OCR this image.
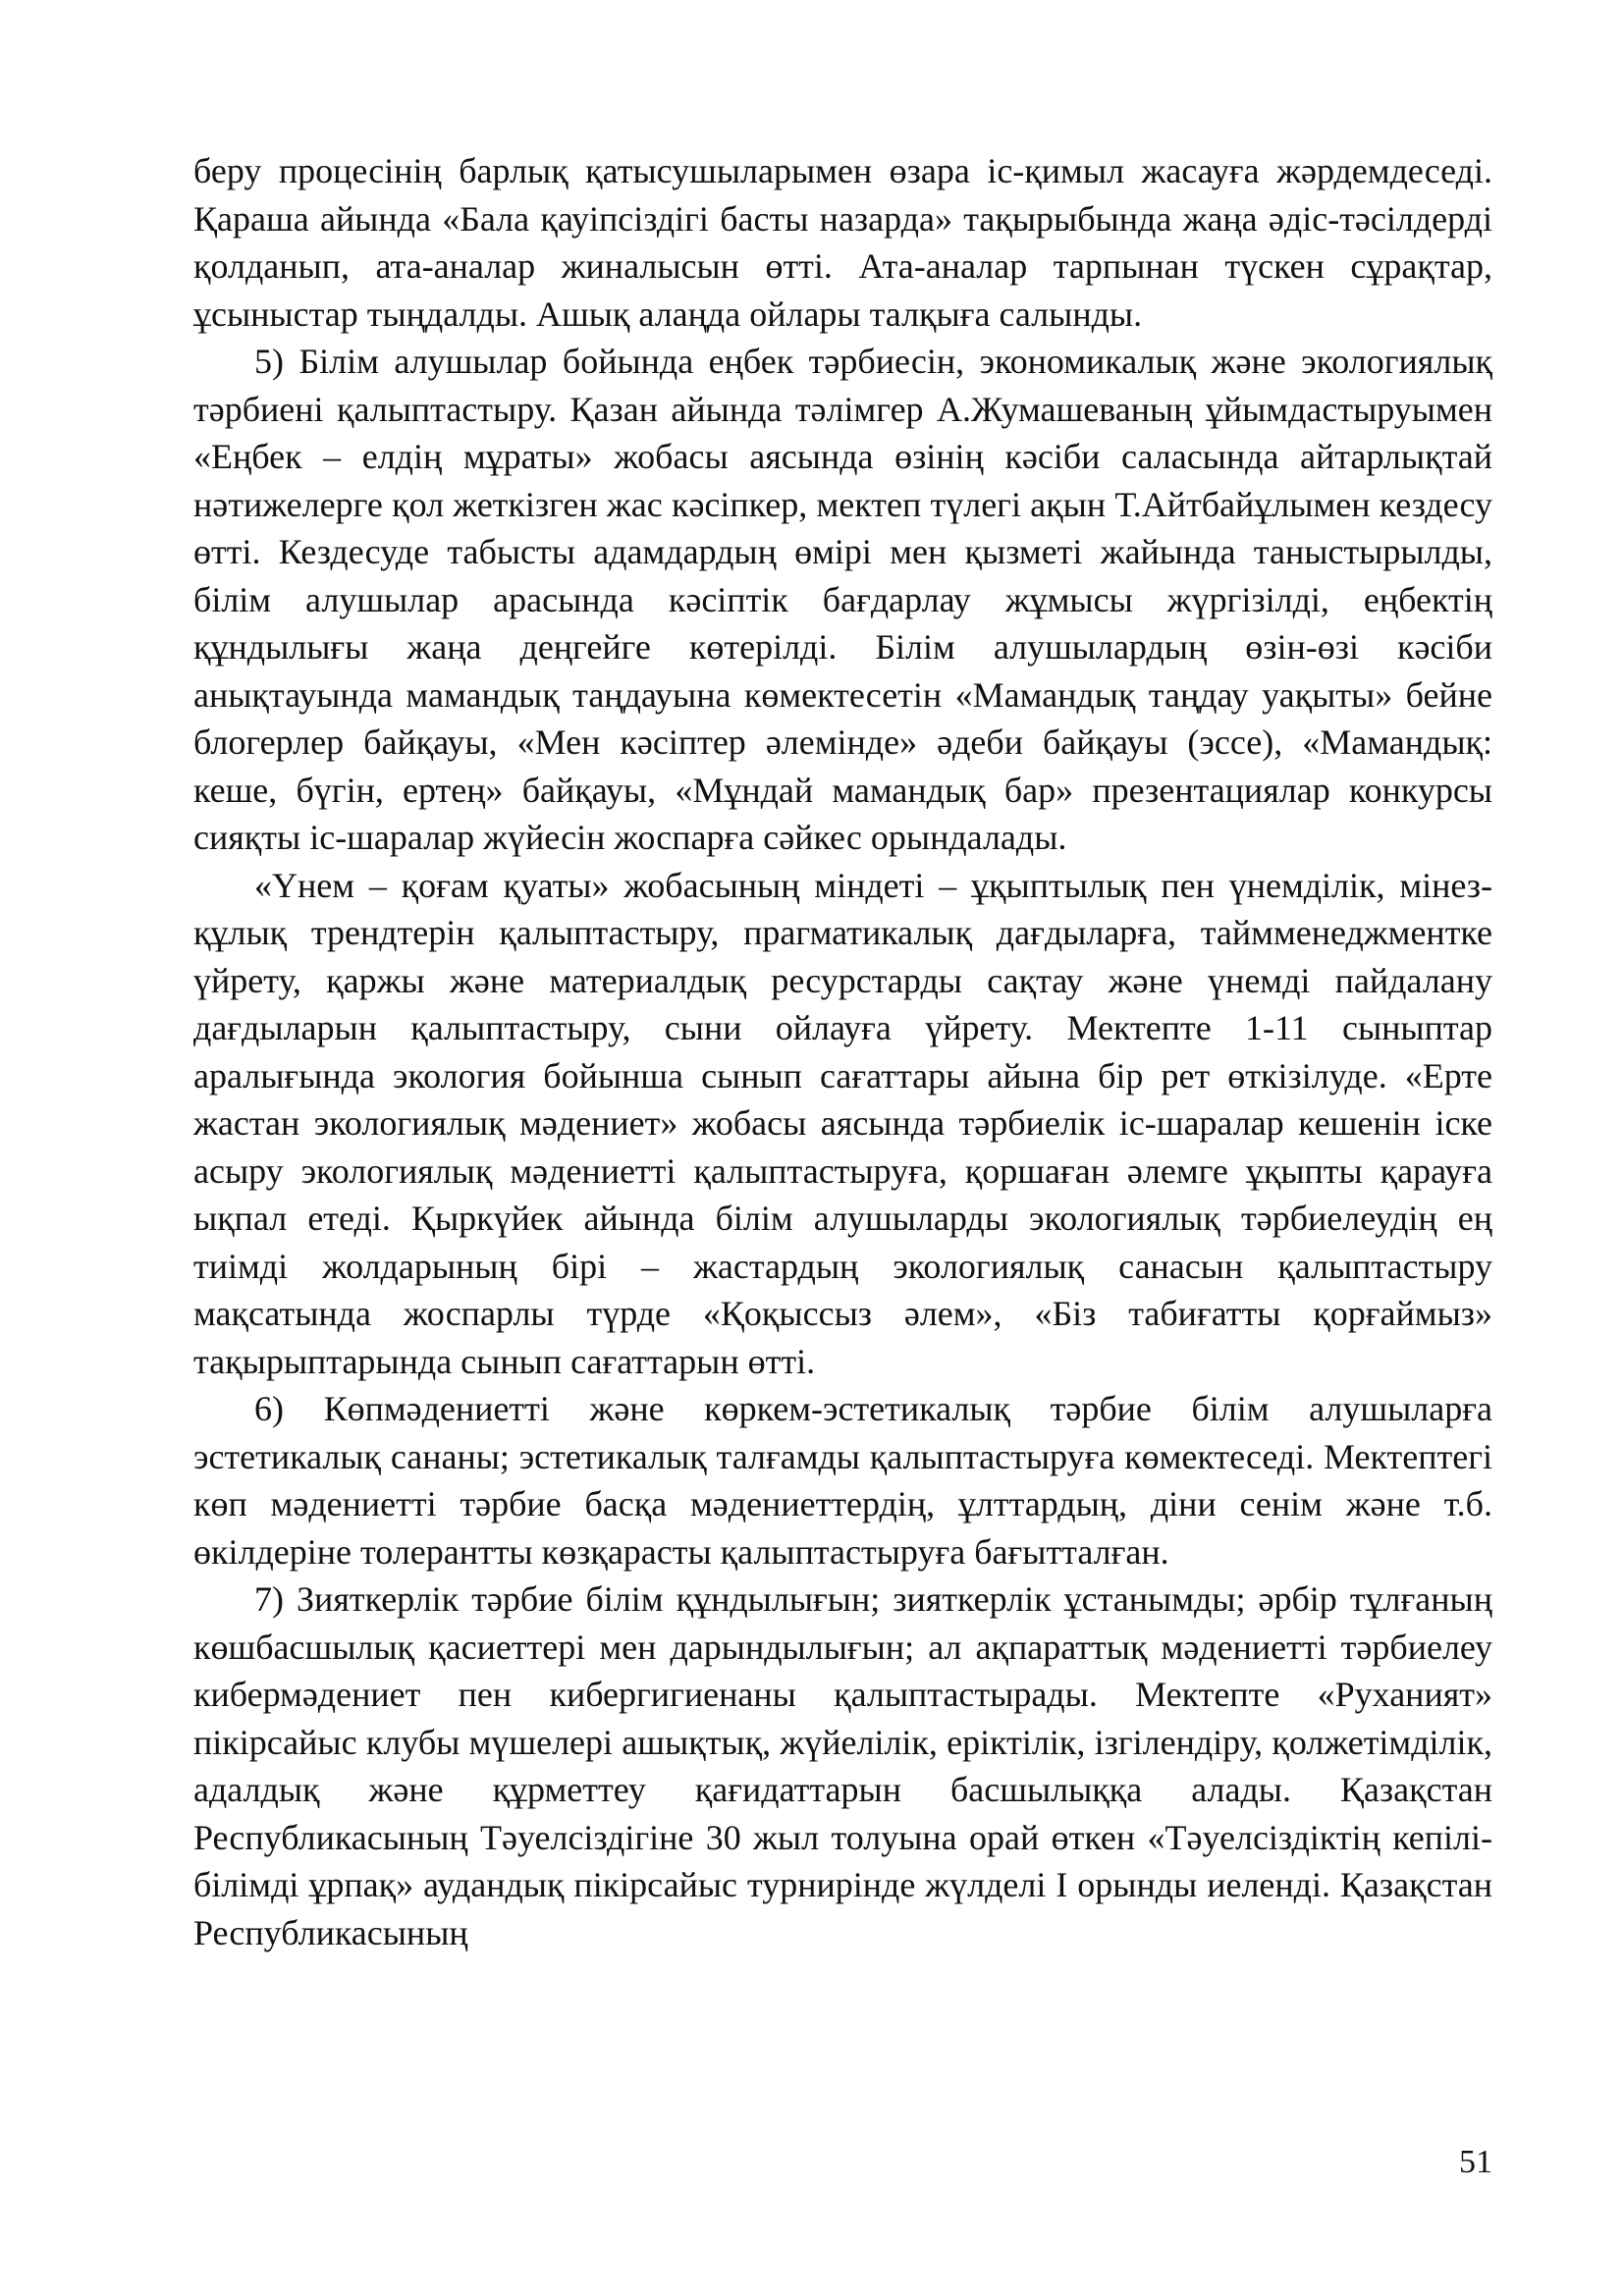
беру процесінің барлық қатысушыларымен өзара іс-қимыл жасауға жәрдемдеседі. Қараша айында «Бала қауіпсіздігі басты назарда» тақырыбында жаңа әдіс-тәсілдерді қолданып, ата-аналар жиналысын өтті. Ата-аналар тарпынан түскен сұрақтар, ұсыныстар тыңдалды. Ашық алаңда ойлары талқыға салынды.

5) Білім алушылар бойында еңбек тәрбиесін, экономикалық және экологиялық тәрбиені қалыптастыру. Қазан айында тәлімгер А.Жумашеваның ұйымдастыруымен «Еңбек – елдің мұраты» жобасы аясында өзінің кәсіби саласында айтарлықтай нәтижелерге қол жеткізген жас кәсіпкер, мектеп түлегі ақын Т.Айтбайұлымен кездесу өтті. Кездесуде табысты адамдардың өмірі мен қызметі жайында таныстырылды, білім алушылар арасында кәсіптік бағдарлау жұмысы жүргізілді, еңбектің құндылығы жаңа деңгейге көтерілді. Білім алушылардың өзін-өзі кәсіби анықтауында мамандық таңдауына көмектесетін «Мамандық таңдау уақыты» бейне блогерлер байқауы, «Мен кәсіптер әлемінде» әдеби байқауы (эссе), «Мамандық: кеше, бүгін, ертең» байқауы, «Мұндай мамандық бар» презентациялар конкурсы сияқты іс-шаралар жүйесін жоспарға сәйкес орындалады.

«Үнем – қоғам қуаты» жобасының міндеті – ұқыптылық пен үнемділік, мінез-құлық трендтерін қалыптастыру, прагматикалық дағдыларға, таймменеджментке үйрету, қаржы және материалдық ресурстарды сақтау және үнемді пайдалану дағдыларын қалыптастыру, сыни ойлауға үйрету. Мектепте 1-11 сыныптар аралығында экология бойынша сынып сағаттары айына бір рет өткізілуде. «Ерте жастан экологиялық мәдениет» жобасы аясында тәрбиелік іс-шаралар кешенін іске асыру экологиялық мәдениетті қалыптастыруға, қоршаған әлемге ұқыпты қарауға ықпал етеді. Қыркүйек айында білім алушыларды экологиялық тәрбиелеудің ең тиімді жолдарының бірі – жастардың экологиялық санасын қалыптастыру мақсатында жоспарлы түрде «Қоқыссыз әлем», «Біз табиғатты қорғаймыз» тақырыптарында сынып сағаттарын өтті.

6) Көпмәдениетті және көркем-эстетикалық тәрбие білім алушыларға эстетикалық сананы; эстетикалық талғамды қалыптастыруға көмектеседі. Мектептегі көп мәдениетті тәрбие басқа мәдениеттердің, ұлттардың, діни сенім және т.б. өкілдеріне толерантты көзқарасты қалыптастыруға бағытталған.

7) Зияткерлік тәрбие білім құндылығын; зияткерлік ұстанымды; әрбір тұлғаның көшбасшылық қасиеттері мен дарындылығын; ал ақпараттық мәдениетті тәрбиелеу кибермәдениет пен кибергигиенаны қалыптастырады. Мектепте «Руханият» пікірсайыс клубы мүшелері ашықтық, жүйелілік, еріктілік, ізгілендіру, қолжетімділік, адалдық және құрметтеу қағидаттарын басшылыққа алады. Қазақстан Республикасының Тәуелсіздігіне 30 жыл толуына орай өткен «Тәуелсіздіктің кепілі-білімді ұрпақ» аудандық пікірсайыс турнирінде жүлделі І орынды иеленді. Қазақстан Республикасының

51
